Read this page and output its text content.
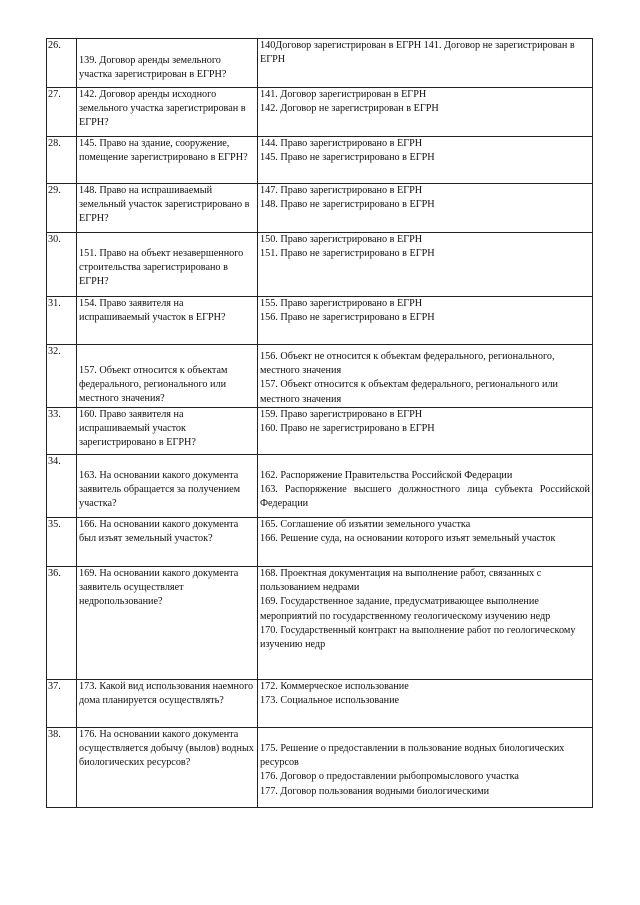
26.	139. Договор аренды земельного участка зарегистрирован в ЕГРН?	140Договор зарегистрирован в ЕГРН 141. Договор не зарегистрирован в ЕГРН

27.	142. Договор аренды исходного земельного участка зарегистрирован в ЕГРН?	141. Договор зарегистрирован в ЕГРН
142. Договор не зарегистрирован в ЕГРН

28.	145. Право на здание, сооружение, помещение зарегистрировано в ЕГРН?	144. Право зарегистрировано в ЕГРН
145. Право не зарегистрировано в ЕГРН

29.	148. Право на испрашиваемый земельный участок зарегистрировано в ЕГРН?	147. Право зарегистрировано в ЕГРН
148. Право не зарегистрировано в ЕГРН

30.	151. Право на объект незавершенного строительства зарегистрировано в ЕГРН?	150. Право зарегистрировано в ЕГРН
151. Право не зарегистрировано в ЕГРН

31.	154. Право заявителя на испрашиваемый участок в ЕГРН?	155. Право зарегистрировано в ЕГРН
156. Право не зарегистрировано в ЕГРН

32.	157. Объект относится к объектам федерального, регионального или местного значения?	156. Объект не относится к объектам федерального, регионального, местного значения
157. Объект относится к объектам федерального, регионального или местного значения

33.	160. Право заявителя на испрашиваемый участок зарегистрировано в ЕГРН?	159. Право зарегистрировано в ЕГРН
160. Право не зарегистрировано в ЕГРН

34.	163. На основании какого документа заявитель обращается за получением участка?	162. Распоряжение Правительства Российской Федерации
163. Распоряжение высшего должностного лица субъекта Российской Федерации

35.	166. На основании какого документа был изъят земельный участок?	165. Соглашение об изъятии земельного участка
166. Решение суда, на основании которого изъят земельный участок

36.	169. На основании какого документа заявитель осуществляет недропользование?	168. Проектная документация на выполнение работ, связанных с пользованием недрами
169. Государственное задание, предусматривающее выполнение мероприятий по государственному геологическому изучению недр
170. Государственный контракт на выполнение работ по геологическому изучению недр

37.	173. Какой вид использования наемного дома планируется осуществлять?	172. Коммерческое использование
173. Социальное использование

38.	176. На основании какого документа осуществляется добычу (вылов) водных биологических ресурсов?	175. Решение о предоставлении в пользование водных биологических ресурсов
176. Договор о предоставлении рыбопромыслового участка
177. Договор пользования водными биологическими
